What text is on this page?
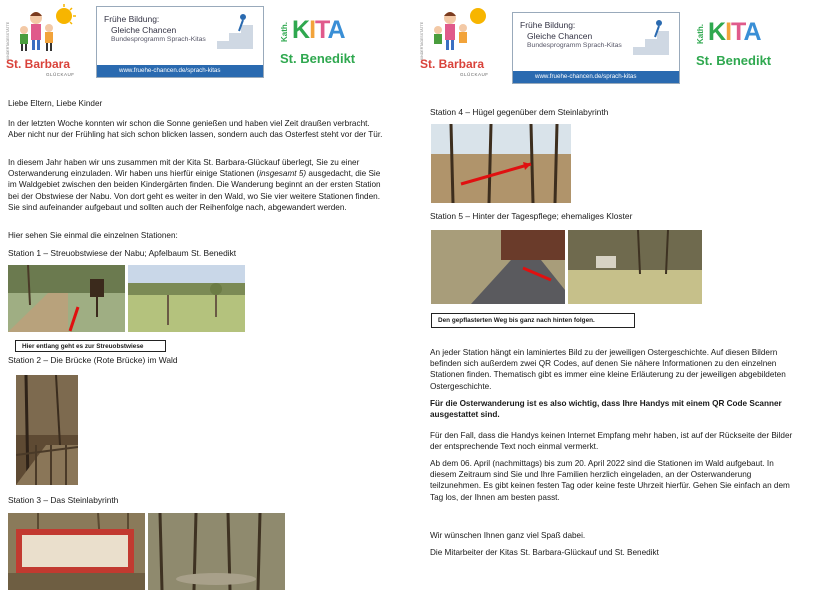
KINDERTAGESSTÄTTE
St. Barbara
GLÜCKAUF
Frühe Bildung:
Gleiche Chancen
Bundesprogramm Sprach-Kitas
www.fruehe-chancen.de/sprach-kitas
Kath. KITA
St. Benedikt

Liebe Eltern, Liebe Kinder

In der letzten Woche konnten wir schon die Sonne genießen und haben viel Zeit draußen verbracht. Aber nicht nur der Frühling hat sich schon blicken lassen, sondern auch das Osterfest steht vor der Tür.

In diesem Jahr haben wir uns zusammen mit der Kita St. Barbara-Glückauf überlegt, Sie zu einer Osterwanderung einzuladen. Wir haben uns hierfür einige Stationen (insgesamt 5) ausgedacht, die Sie im Waldgebiet zwischen den beiden Kindergärten finden. Die Wanderung beginnt an der ersten Station bei der Obstwiese der Nabu. Von dort geht es weiter in den Wald, wo Sie vier weitere Stationen finden. Sie sind aufeinander aufgebaut und sollten auch der Reihenfolge nach, abgewandert werden.

Hier sehen Sie einmal die einzelnen Stationen:

Station 1 – Streuobstwiese der Nabu; Apfelbaum St. Benedikt
Hier entlang geht es zur Streuobstwiese
Station 2 – Die Brücke (Rote Brücke) im Wald
Station 3 – Das Steinlabyrinth
KINDERTAGESSTÄTTE
St. Barbara
GLÜCKAUF
Frühe Bildung:
Gleiche Chancen
Bundesprogramm Sprach-Kitas
www.fruehe-chancen.de/sprach-kitas
Kath. KITA
St. Benedikt
Station 4 – Hügel gegenüber dem Steinlabyrinth
Station 5 – Hinter der Tagespflege; ehemaliges Kloster
Den gepflasterten Weg bis ganz nach hinten folgen.

An jeder Station hängt ein laminiertes Bild zu der jeweiligen Ostergeschichte. Auf diesen Bildern befinden sich außerdem zwei QR Codes, auf denen Sie nähere Informationen zu den einzelnen Stationen finden. Thematisch gibt es immer eine kleine Erläuterung zu der jeweiligen abgebildeten Ostergeschichte.

Für die Osterwanderung ist es also wichtig, dass Ihre Handys mit einem QR Code Scanner ausgestattet sind.

Für den Fall, dass die Handys keinen Internet Empfang mehr haben, ist auf der Rückseite der Bilder der entsprechende Text noch einmal vermerkt.

Ab dem 06. April (nachmittags) bis zum 20. April 2022 sind die Stationen im Wald aufgebaut. In diesem Zeitraum sind Sie und Ihre Familien herzlich eingeladen, an der Osterwanderung teilzunehmen. Es gibt keinen festen Tag oder keine feste Uhrzeit hierfür. Gehen Sie einfach an dem Tag los, der Ihnen am besten passt.

Wir wünschen Ihnen ganz viel Spaß dabei.

Die Mitarbeiter der Kitas St. Barbara-Glückauf und St. Benedikt
